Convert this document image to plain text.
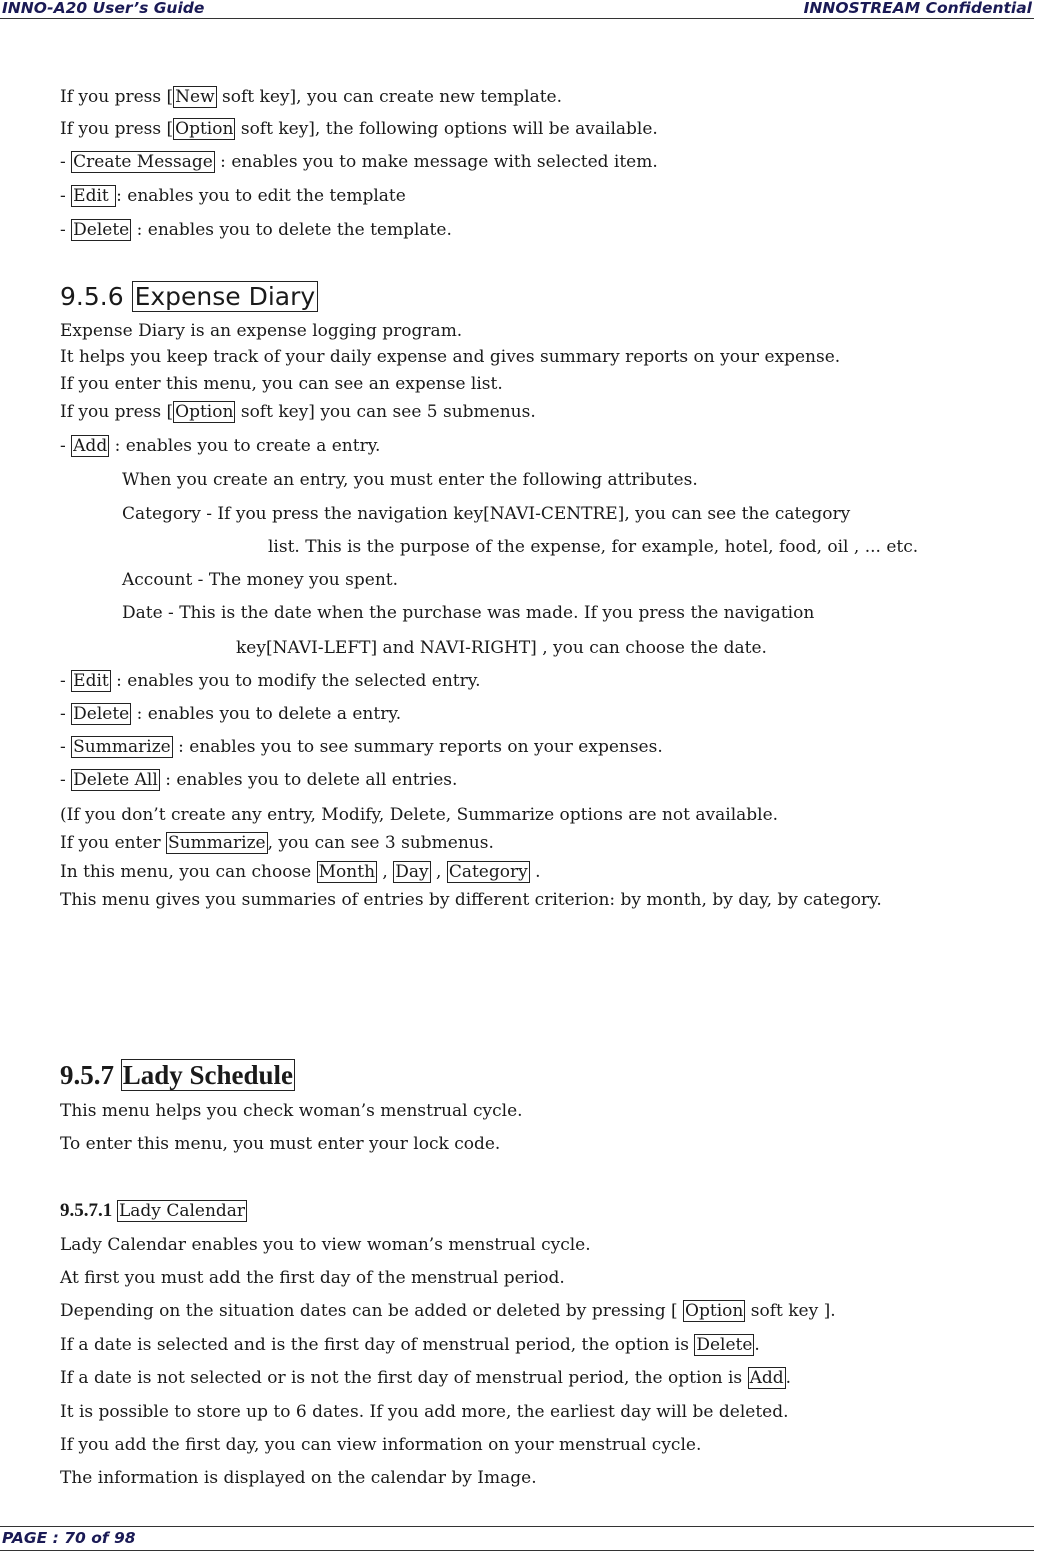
INNO-A20 User’s Guide	INNOSTREAM Confidential
If you press [ New soft key], you can create new template.
If you press [ Option soft key], the following options will be available.
- Create Message : enables you to make message with selected item.
- Edit : enables you to edit the template
- Delete : enables you to delete the template.
9.5.6 Expense Diary
Expense Diary is an expense logging program.
It helps you keep track of your daily expense and gives summary reports on your expense.
If you enter this menu, you can see an expense list.
If you press [ Option soft key] you can see 5 submenus.
- Add : enables you to create a entry.
When you create an entry, you must enter the following attributes.
Category - If you press the navigation key[NAVI-CENTRE], you can see the category
list. This is the purpose of the expense, for example, hotel, food, oil , ... etc.
Account - The money you spent.
Date - This is the date when the purchase was made. If you press the navigation
key[NAVI-LEFT] and NAVI-RIGHT] , you can choose the date.
- Edit : enables you to modify the selected entry.
- Delete : enables you to delete a entry.
- Summarize : enables you to see summary reports on your expenses.
- Delete All : enables you to delete all entries.
(If you don’t create any entry, Modify, Delete, Summarize options are not available.
If you enter Summarize , you can see 3 submenus.
In this menu, you can choose Month , Day , Category .
This menu gives you summaries of entries by different criterion: by month, by day, by category.
9.5.7 Lady Schedule
This menu helps you check woman’s menstrual cycle.
To enter this menu, you must enter your lock code.
9.5.7.1 Lady Calendar
Lady Calendar enables you to view woman’s menstrual cycle.
At first you must add the first day of the menstrual period.
Depending on the situation dates can be added or deleted by pressing [ Option soft key ].
If a date is selected and is the first day of menstrual period, the option is Delete .
If a date is not selected or is not the first day of menstrual period, the option is Add .
It is possible to store up to 6 dates. If you add more, the earliest day will be deleted.
If you add the first day, you can view information on your menstrual cycle.
The information is displayed on the calendar by Image.
PAGE : 70 of 98
